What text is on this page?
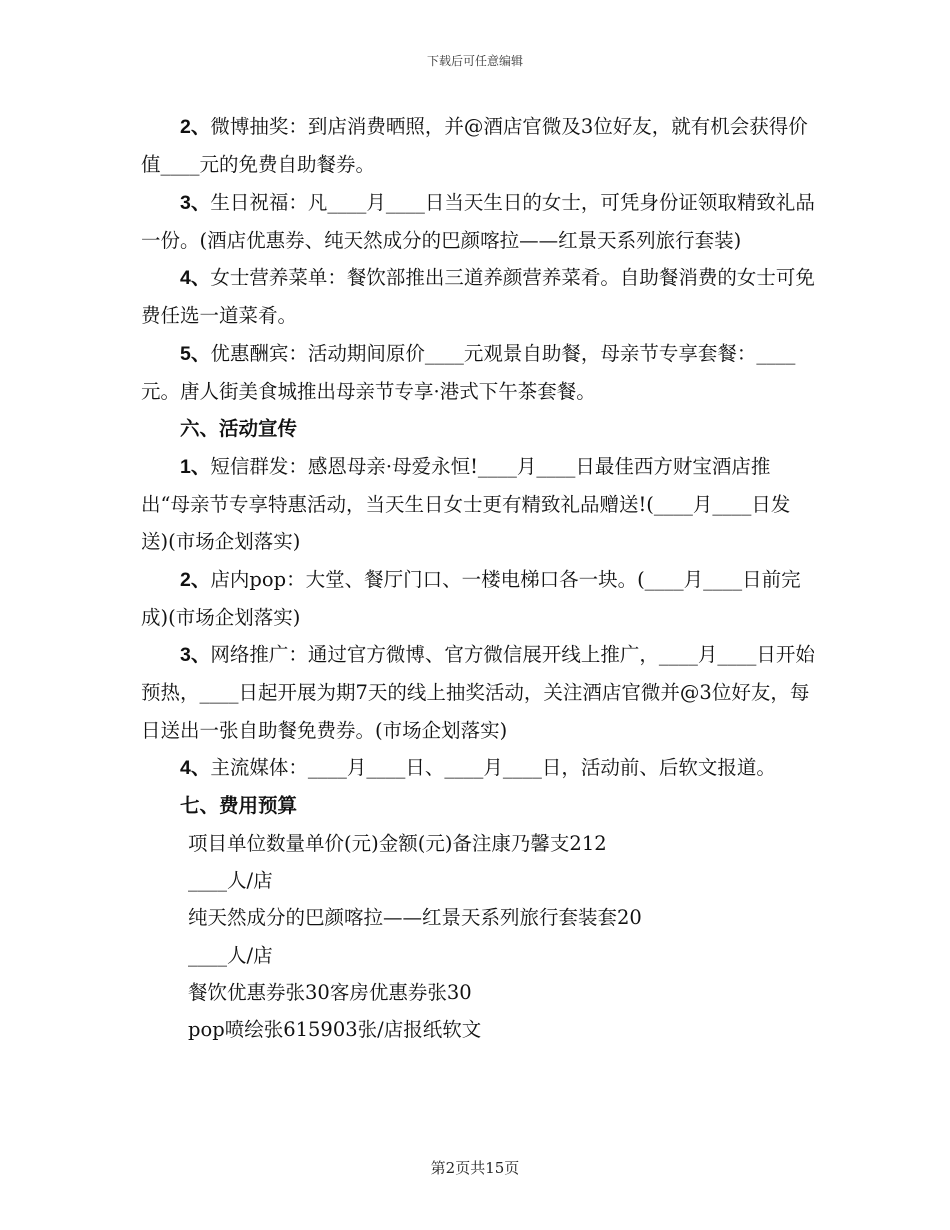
下载后可任意编辑

2、微博抽奖：到店消费晒照，并@酒店官微及3位好友，就有机会获得价值____元的免费自助餐券。

3、生日祝福：凡____月____日当天生日的女士，可凭身份证领取精致礼品一份。(酒店优惠券、纯天然成分的巴颜喀拉——红景天系列旅行套装)

4、女士营养菜单：餐饮部推出三道养颜营养菜肴。自助餐消费的女士可免费任选一道菜肴。

5、优惠酬宾：活动期间原价____元观景自助餐，母亲节专享套餐：____元。唐人街美食城推出母亲节专享·港式下午茶套餐。

六、活动宣传

1、短信群发：感恩母亲·母爱永恒!____月____日最佳西方财宝酒店推出“母亲节专享特惠活动，当天生日女士更有精致礼品赠送!(____月____日发送)(市场企划落实)

2、店内pop：大堂、餐厅门口、一楼电梯口各一块。(____月____日前完成)(市场企划落实)

3、网络推广：通过官方微博、官方微信展开线上推广，____月____日开始预热，____日起开展为期7天的线上抽奖活动，关注酒店官微并@3位好友，每日送出一张自助餐免费券。(市场企划落实)

4、主流媒体：____月____日、____月____日，活动前、后软文报道。

七、费用预算

项目单位数量单价(元)金额(元)备注康乃馨支212

____人/店

纯天然成分的巴颜喀拉——红景天系列旅行套装套20

____人/店

餐饮优惠券张30客房优惠券张30

pop喷绘张615903张/店报纸软文

第2页共15页
